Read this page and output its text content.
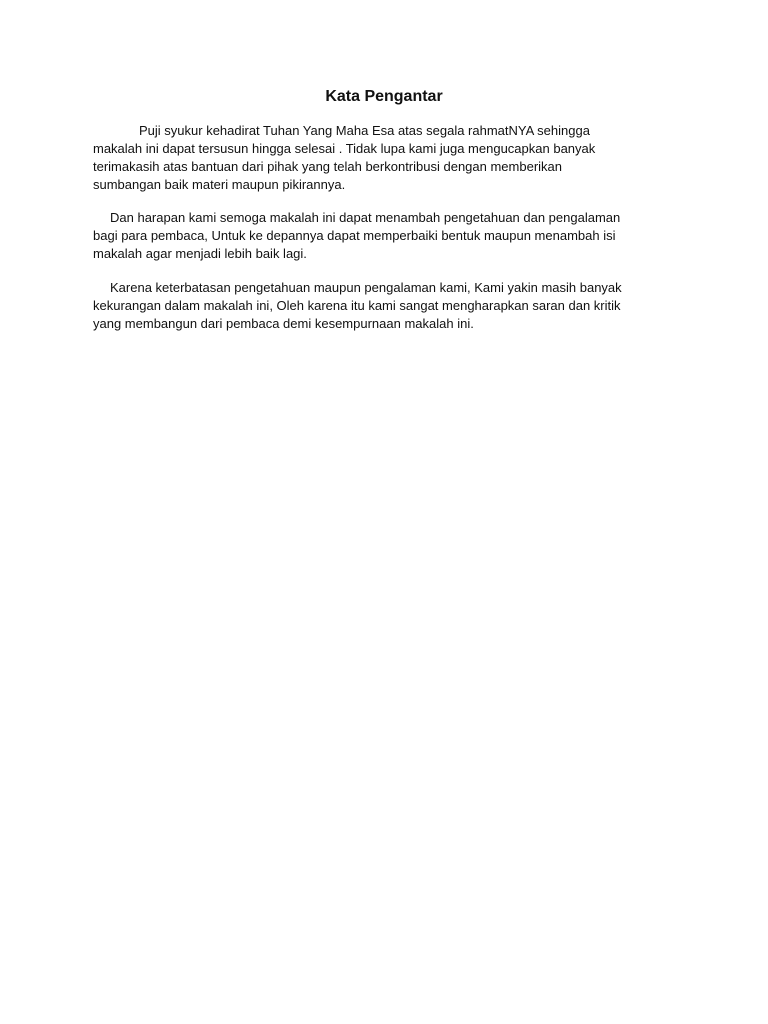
Kata Pengantar

Puji syukur kehadirat Tuhan Yang Maha Esa atas segala rahmatNYA sehingga
makalah ini dapat tersusun hingga selesai . Tidak lupa kami juga mengucapkan banyak
terimakasih atas bantuan dari pihak yang telah berkontribusi dengan memberikan
sumbangan baik materi maupun pikirannya.

Dan harapan kami semoga makalah ini dapat menambah pengetahuan dan pengalaman
bagi para pembaca, Untuk ke depannya dapat memperbaiki bentuk maupun menambah isi
makalah agar menjadi lebih baik lagi.

Karena keterbatasan pengetahuan maupun pengalaman kami, Kami yakin masih banyak
kekurangan dalam makalah ini, Oleh karena itu kami sangat mengharapkan saran dan kritik
yang membangun dari pembaca demi kesempurnaan makalah ini.
